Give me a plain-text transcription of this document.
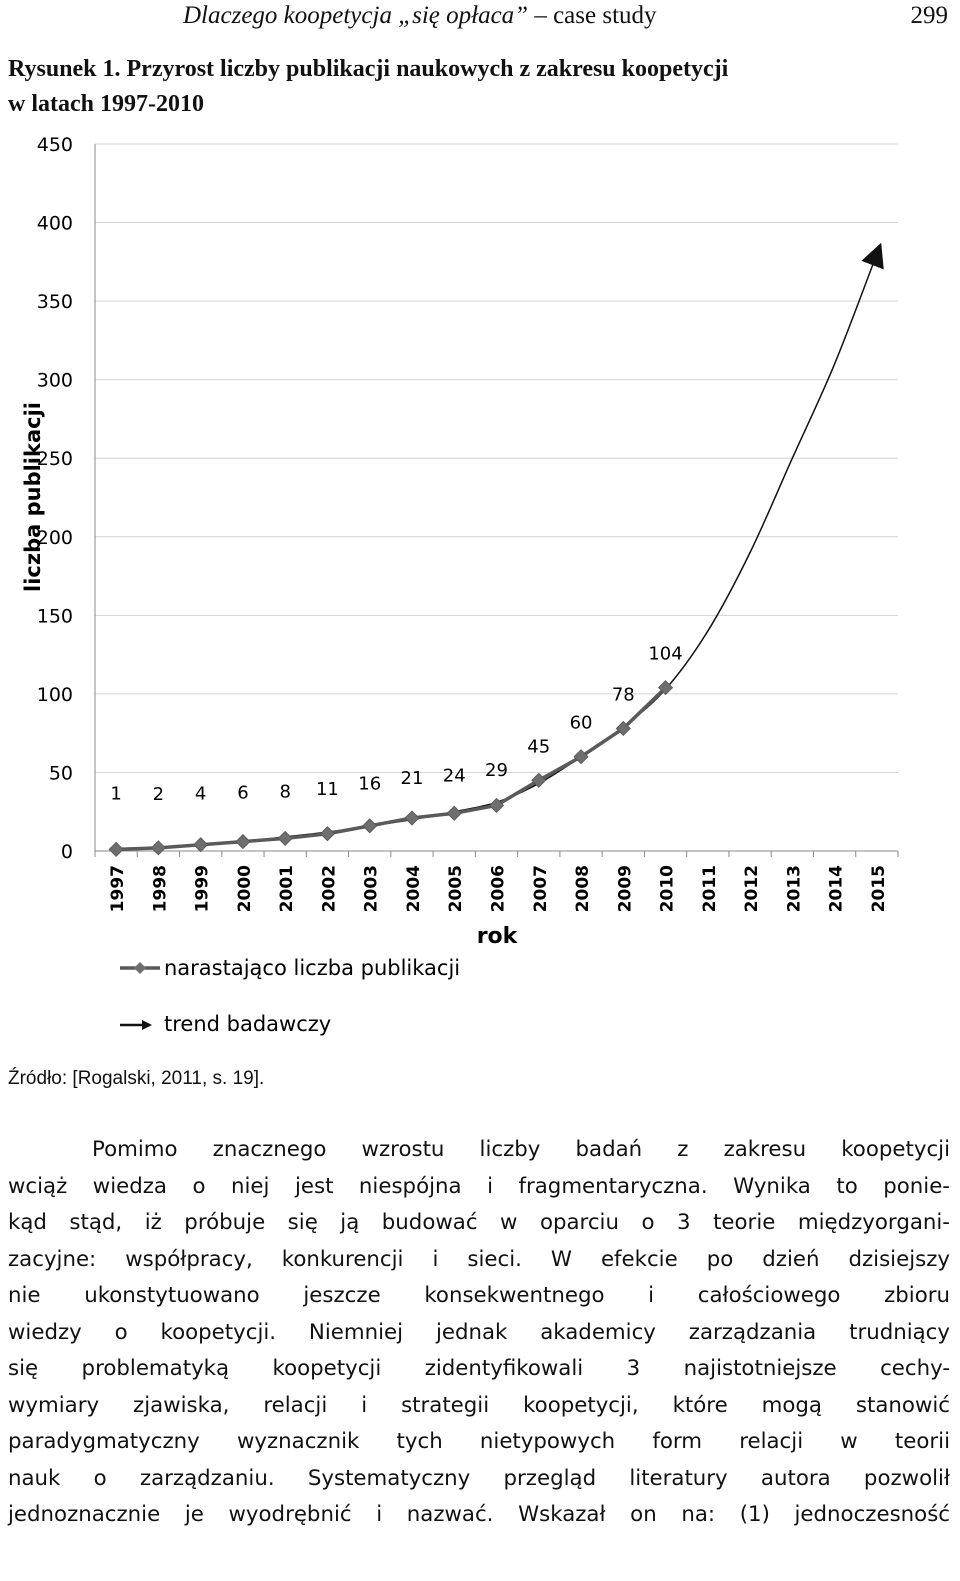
Dlaczego koopetycja „się opłaca” – case study	299
Rysunek 1. Przyrost liczby publikacji naukowych z zakresu koopetycji
w latach 1997-2010
0
50
100
150
200
250
300
350
400
450
1997 1998 1999 2000 2001 2002 2003 2004 2005 2006 2007 2008 2009 2010 2011 2012 2013 2014 2015
1 2 4 6 8 11 16 21 24 29
45
60
78
104
liczba publikacji
rok
narastająco liczba publikacji
trend badawczy
Źródło: [Rogalski, 2011, s. 19].
Pomimo znacznego wzrostu liczby badań z zakresu koopetycji
wciąż wiedza o niej jest niespójna i fragmentaryczna. Wynika to ponie-
kąd stąd, iż próbuje się ją budować w oparciu o 3 teorie międzyorgani-
zacyjne: współpracy, konkurencji i sieci. W efekcie po dzień dzisiejszy
nie ukonstytuowano jeszcze konsekwentnego i całościowego zbioru
wiedzy o koopetycji. Niemniej jednak akademicy zarządzania trudniący
się problematyką koopetycji zidentyfikowali 3 najistotniejsze cechy-
wymiary zjawiska, relacji i strategii koopetycji, które mogą stanowić
paradygmatyczny wyznacznik tych nietypowych form relacji w teorii
nauk o zarządzaniu. Systematyczny przegląd literatury autora pozwolił
jednoznacznie je wyodrębnić i nazwać. Wskazał on na: (1) jednoczesność
